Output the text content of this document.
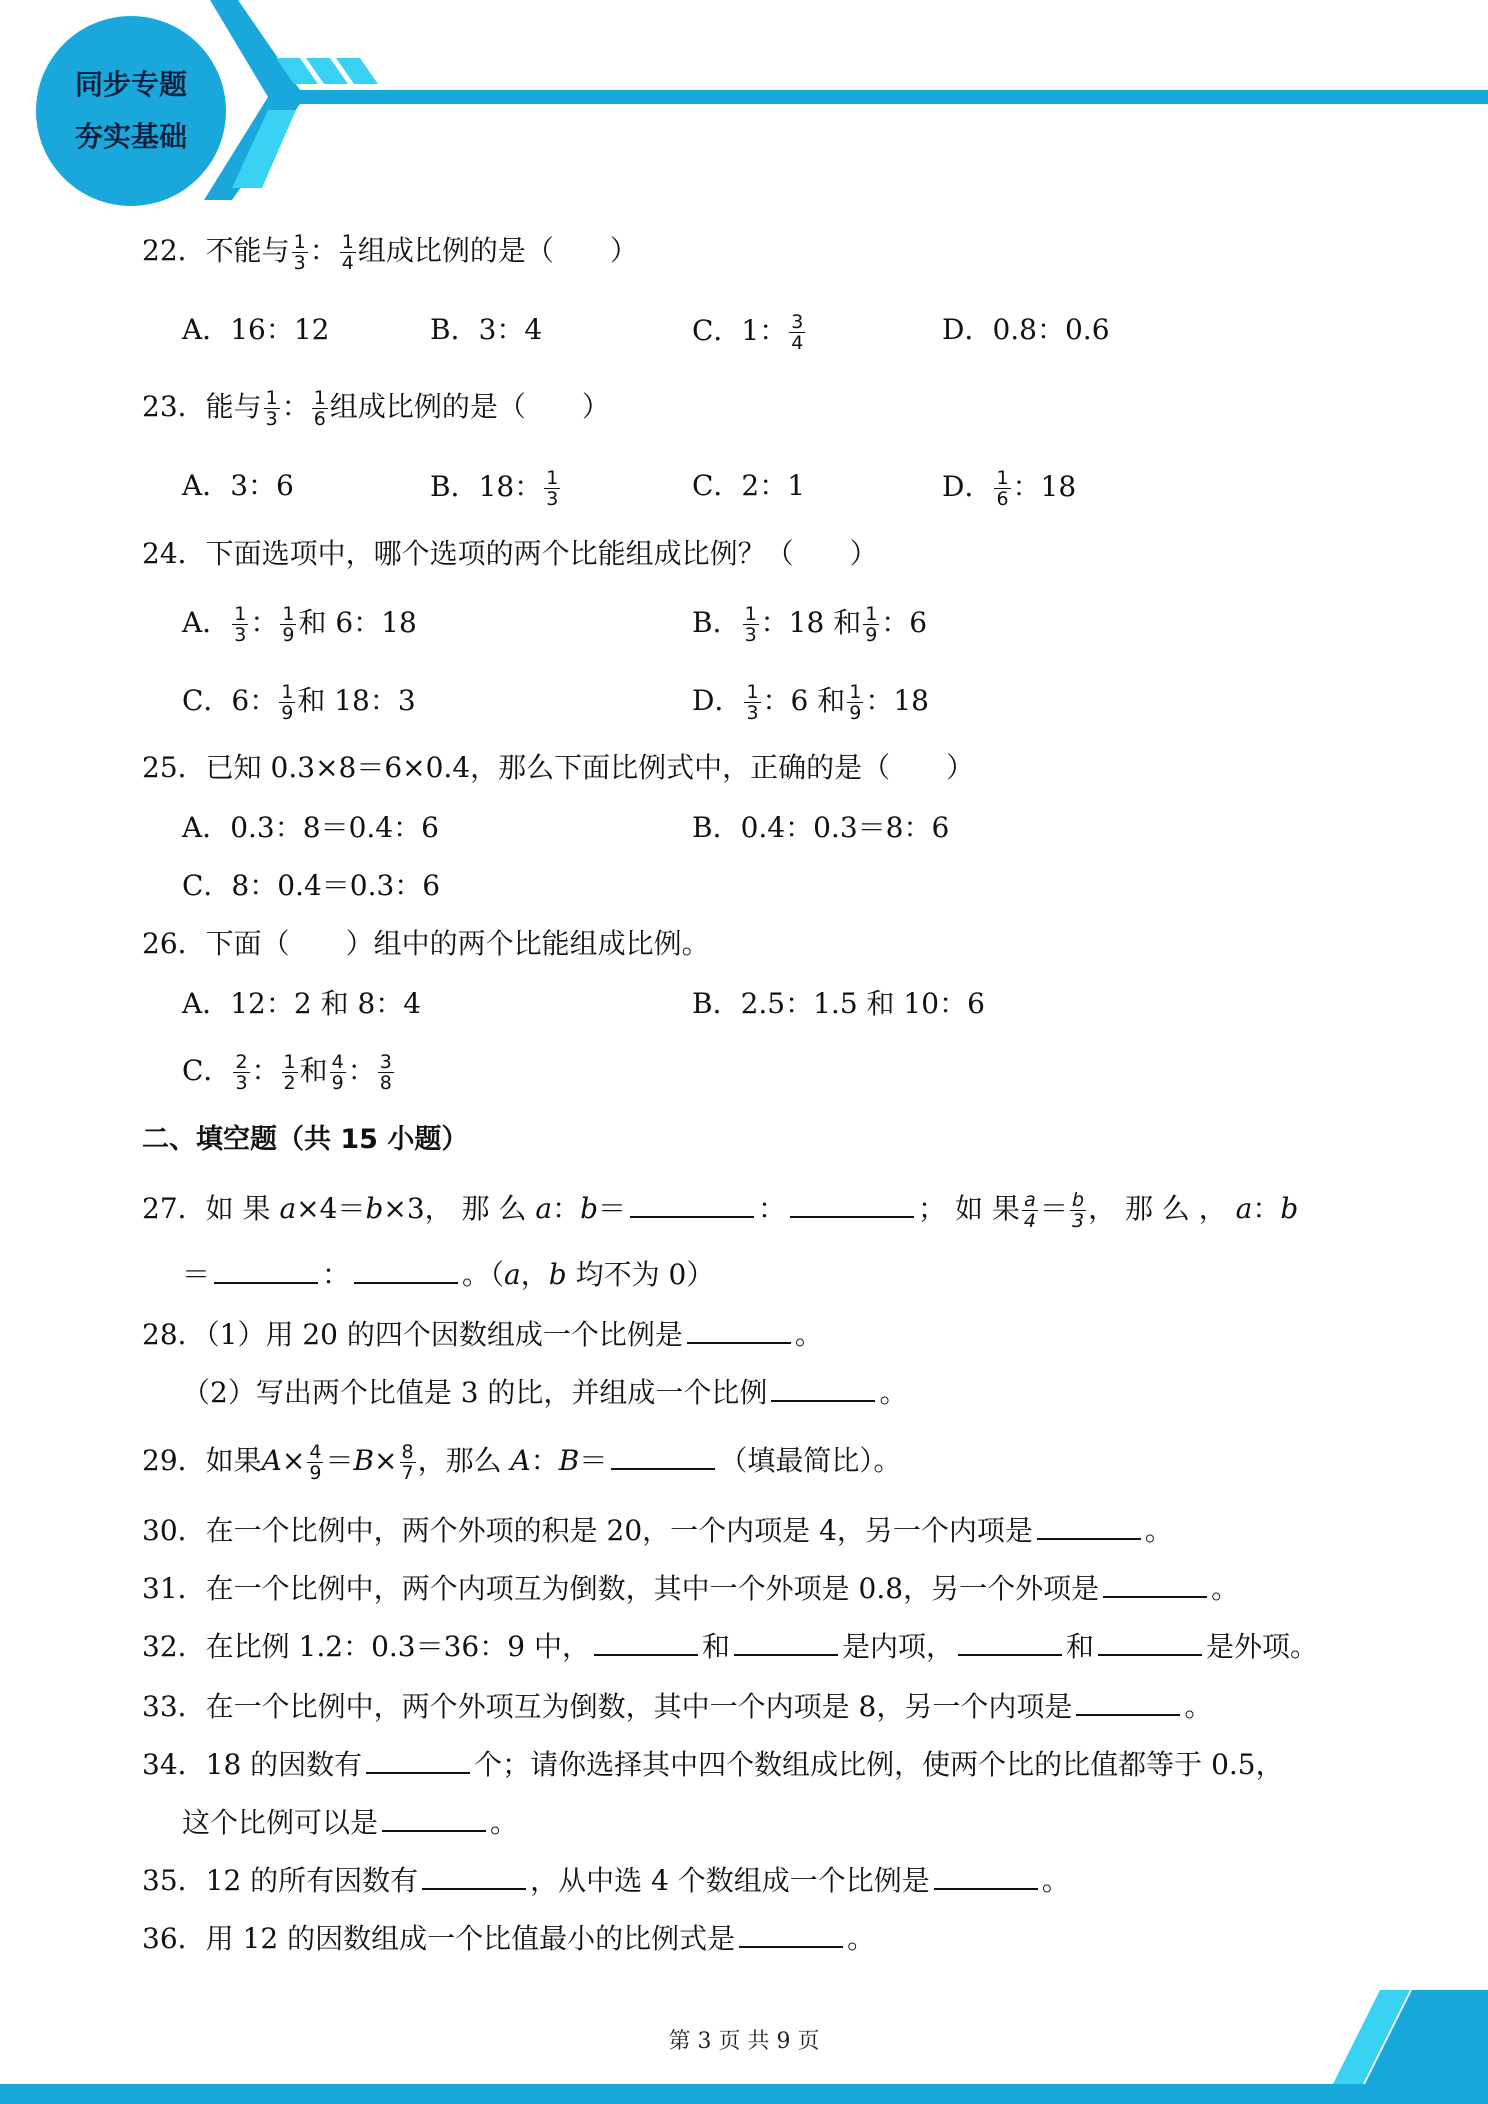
同步专题
夯实基础
第 3 页 共 9 页
22．不能与 $\frac{1}{3}$ ： $\frac{1}{4}$ 组成比例的是（　　）
A．16：12	B．3：4	C．1： $\frac{3}{4}$	D．0.8：0.6
23．能与 $\frac{1}{3}$ ： $\frac{1}{6}$ 组成比例的是（　　）
A．3：6	B．18： $\frac{1}{3}$	C．2：1	D． $\frac{1}{6}$ ：18
24．下面选项中，哪个选项的两个比能组成比例？（　　）
A． $\frac{1}{3}$ ： $\frac{1}{9}$ 和 6：18	B． $\frac{1}{3}$ ：18 和 $\frac{1}{9}$ ：6
C．6： $\frac{1}{9}$ 和 18：3	D． $\frac{1}{3}$ ：6 和 $\frac{1}{9}$ ：18
25．已知 0.3×8＝6×0.4，那么下面比例式中，正确的是（　　）
A．0.3：8＝0.4：6	B．0.4：0.3＝8：6
C．8：0.4＝0.3：6
26．下面（　　）组中的两个比能组成比例。
A．12：2 和 8：4	B．2.5：1.5 和 10：6
C． $\frac{2}{3}$ ： $\frac{1}{2}$ 和 $\frac{4}{9}$ ： $\frac{3}{8}$
二、填空题（共 15 小题）
27．如 果 a×4＝b×3， 那 么 a：b＝	：	； 如 果 $\frac{a}{4} = \frac{b}{3}$ ， 那 么 ， a：b
＝	：	。（a，b 均不为 0）
28．（1）用 20 的四个因数组成一个比例是	。
（2）写出两个比值是 3 的比，并组成一个比例	。
29．如果$A\times \frac{4}{9} =B\times \frac{8}{7}$ ，那么 A：B＝	（填最简比）。
30．在一个比例中，两个外项的积是 20，一个内项是 4，另一个内项是	。
31．在一个比例中，两个内项互为倒数，其中一个外项是 0.8，另一个外项是	。
32．在比例 1.2：0.3＝36：9 中，	和	是内项，	和	是外项。
33．在一个比例中，两个外项互为倒数，其中一个内项是 8，另一个内项是	。
34．18 的因数有	个；请你选择其中四个数组成比例，使两个比的比值都等于 0.5，
这个比例可以是	。
35．12 的所有因数有	，从中选 4 个数组成一个比例是	。
36．用 12 的因数组成一个比值最小的比例式是	。
